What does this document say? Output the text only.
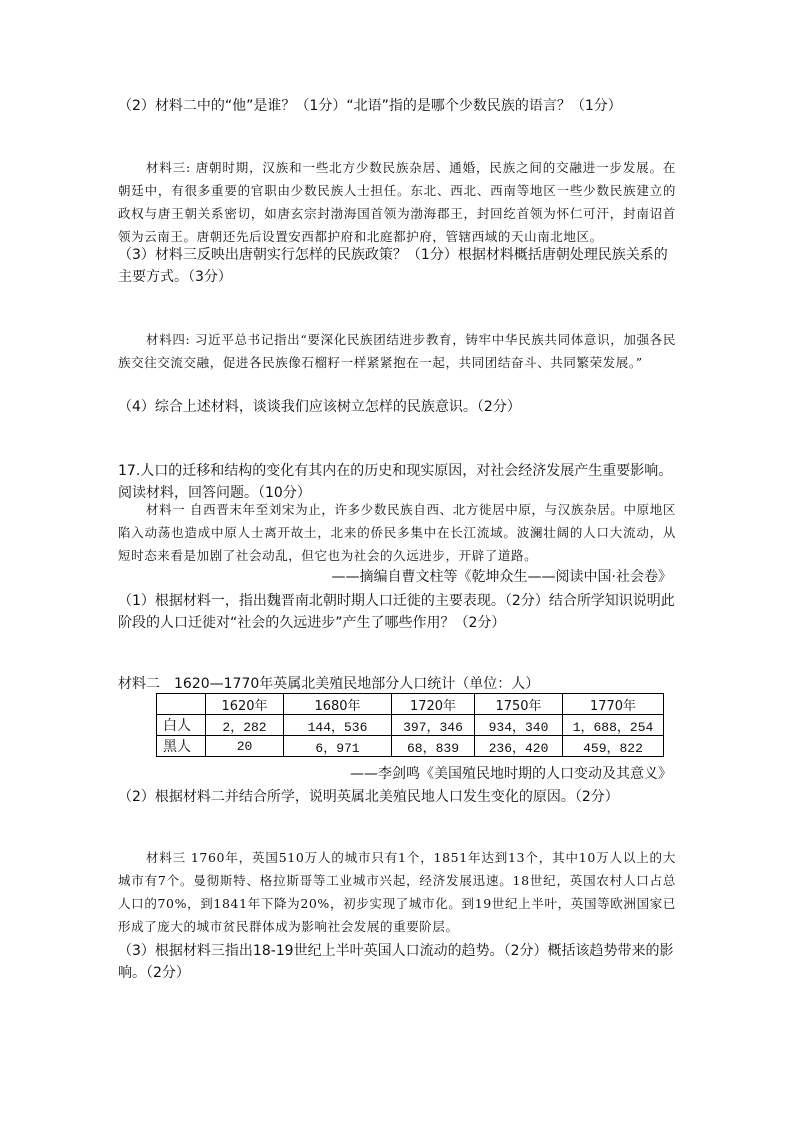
（2）材料二中的“他”是谁？（1分）“北语”指的是哪个少数民族的语言？（1分）
材料三: 唐朝时期，汉族和一些北方少数民族杂居、通婚，民族之间的交融进一步发展。在朝廷中，有很多重要的官职由少数民族人士担任。东北、西北、西南等地区一些少数民族建立的政权与唐王朝关系密切，如唐玄宗封渤海国首领为渤海郡王，封回纥首领为怀仁可汗，封南诏首领为云南王。唐朝还先后设置安西都护府和北庭都护府，管辖西域的天山南北地区。
（3）材料三反映出唐朝实行怎样的民族政策？（1分）根据材料概括唐朝处理民族关系的主要方式。（3分）
材料四: 习近平总书记指出“要深化民族团结进步教育，铸牢中华民族共同体意识，加强各民族交往交流交融，促进各民族像石榴籽一样紧紧抱在一起，共同团结奋斗、共同繁荣发展。”
（4）综合上述材料，谈谈我们应该树立怎样的民族意识。（2分）
17.人口的迁移和结构的变化有其内在的历史和现实原因，对社会经济发展产生重要影响。阅读材料，回答问题。（10分）
材料一 自西晋末年至刘宋为止，许多少数民族自西、北方徙居中原，与汉族杂居。中原地区陷入动荡也造成中原人士离开故土，北来的侨民多集中在长江流域。波澜壮阔的人口大流动，从短时态来看是加剧了社会动乱，但它也为社会的久远进步，开辟了道路。
——摘编自曹文柱等《乾坤众生——阅读中国·社会卷》
（1）根据材料一，指出魏晋南北朝时期人口迁徙的主要表现。（2分）结合所学知识说明此阶段的人口迁徙对“社会的久远进步”产生了哪些作用？（2分）
材料二　1620—1770年英属北美殖民地部分人口统计（单位：人）
	1620年	1680年	1720年	1750年	1770年
白人	2，282	144，536	397，346	934，340	1，688，254
黑人	20	6，971	68，839	236，420	459，822
——李剑鸣《美国殖民地时期的人口变动及其意义》
（2）根据材料二并结合所学，说明英属北美殖民地人口发生变化的原因。（2分）
材料三 1760年，英国510万人的城市只有1个，1851年达到13个，其中10万人以上的大城市有7个。曼彻斯特、格拉斯哥等工业城市兴起，经济发展迅速。18世纪，英国农村人口占总人口的70%，到1841年下降为20%，初步实现了城市化。到19世纪上半叶，英国等欧洲国家已形成了庞大的城市贫民群体成为影响社会发展的重要阶层。
（3）根据材料三指出18-19世纪上半叶英国人口流动的趋势。（2分）概括该趋势带来的影响。（2分）
